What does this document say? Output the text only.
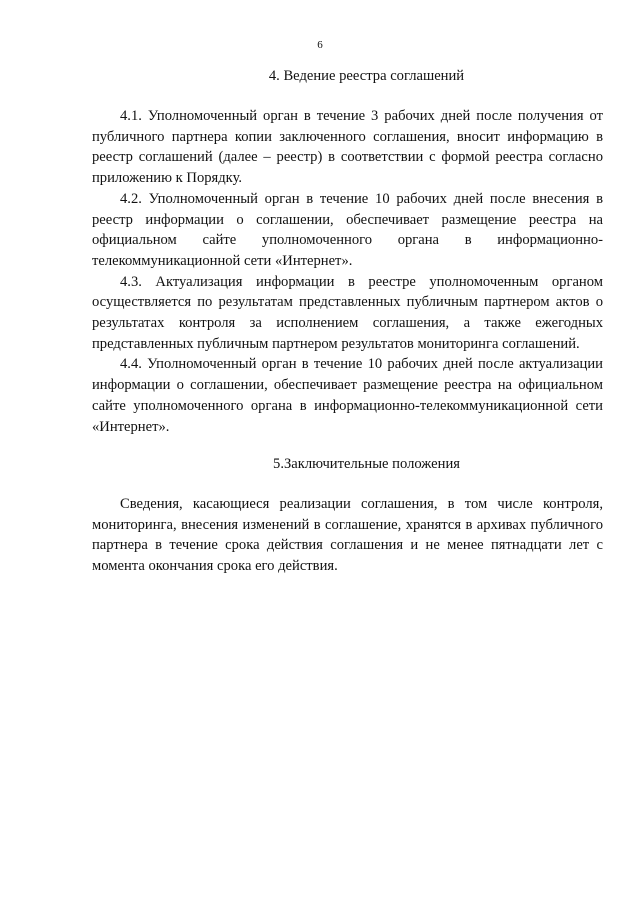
6
4. Ведение реестра соглашений

4.1. Уполномоченный орган в течение 3 рабочих дней после получения от публичного партнера копии заключенного соглашения, вносит информацию в реестр соглашений (далее – реестр) в соответствии с формой реестра согласно приложению к Порядку.

4.2. Уполномоченный орган в течение 10 рабочих дней после внесения в реестр информации о соглашении, обеспечивает размещение реестра на официальном сайте уполномоченного органа в информационно-телекоммуникационной сети «Интернет».

4.3. Актуализация информации в реестре уполномоченным органом осуществляется по результатам представленных публичным партнером актов о результатах контроля за исполнением соглашения, а также ежегодных представленных публичным партнером результатов мониторинга соглашений.

4.4. Уполномоченный орган в течение 10 рабочих дней после актуализации информации о соглашении, обеспечивает размещение реестра на официальном сайте уполномоченного органа в информационно-телекоммуникационной сети «Интернет».

5.Заключительные положения

Сведения, касающиеся реализации соглашения, в том числе контроля, мониторинга, внесения изменений в соглашение, хранятся в архивах публичного партнера в течение срока действия соглашения и не менее пятнадцати лет с момента окончания срока его действия.
